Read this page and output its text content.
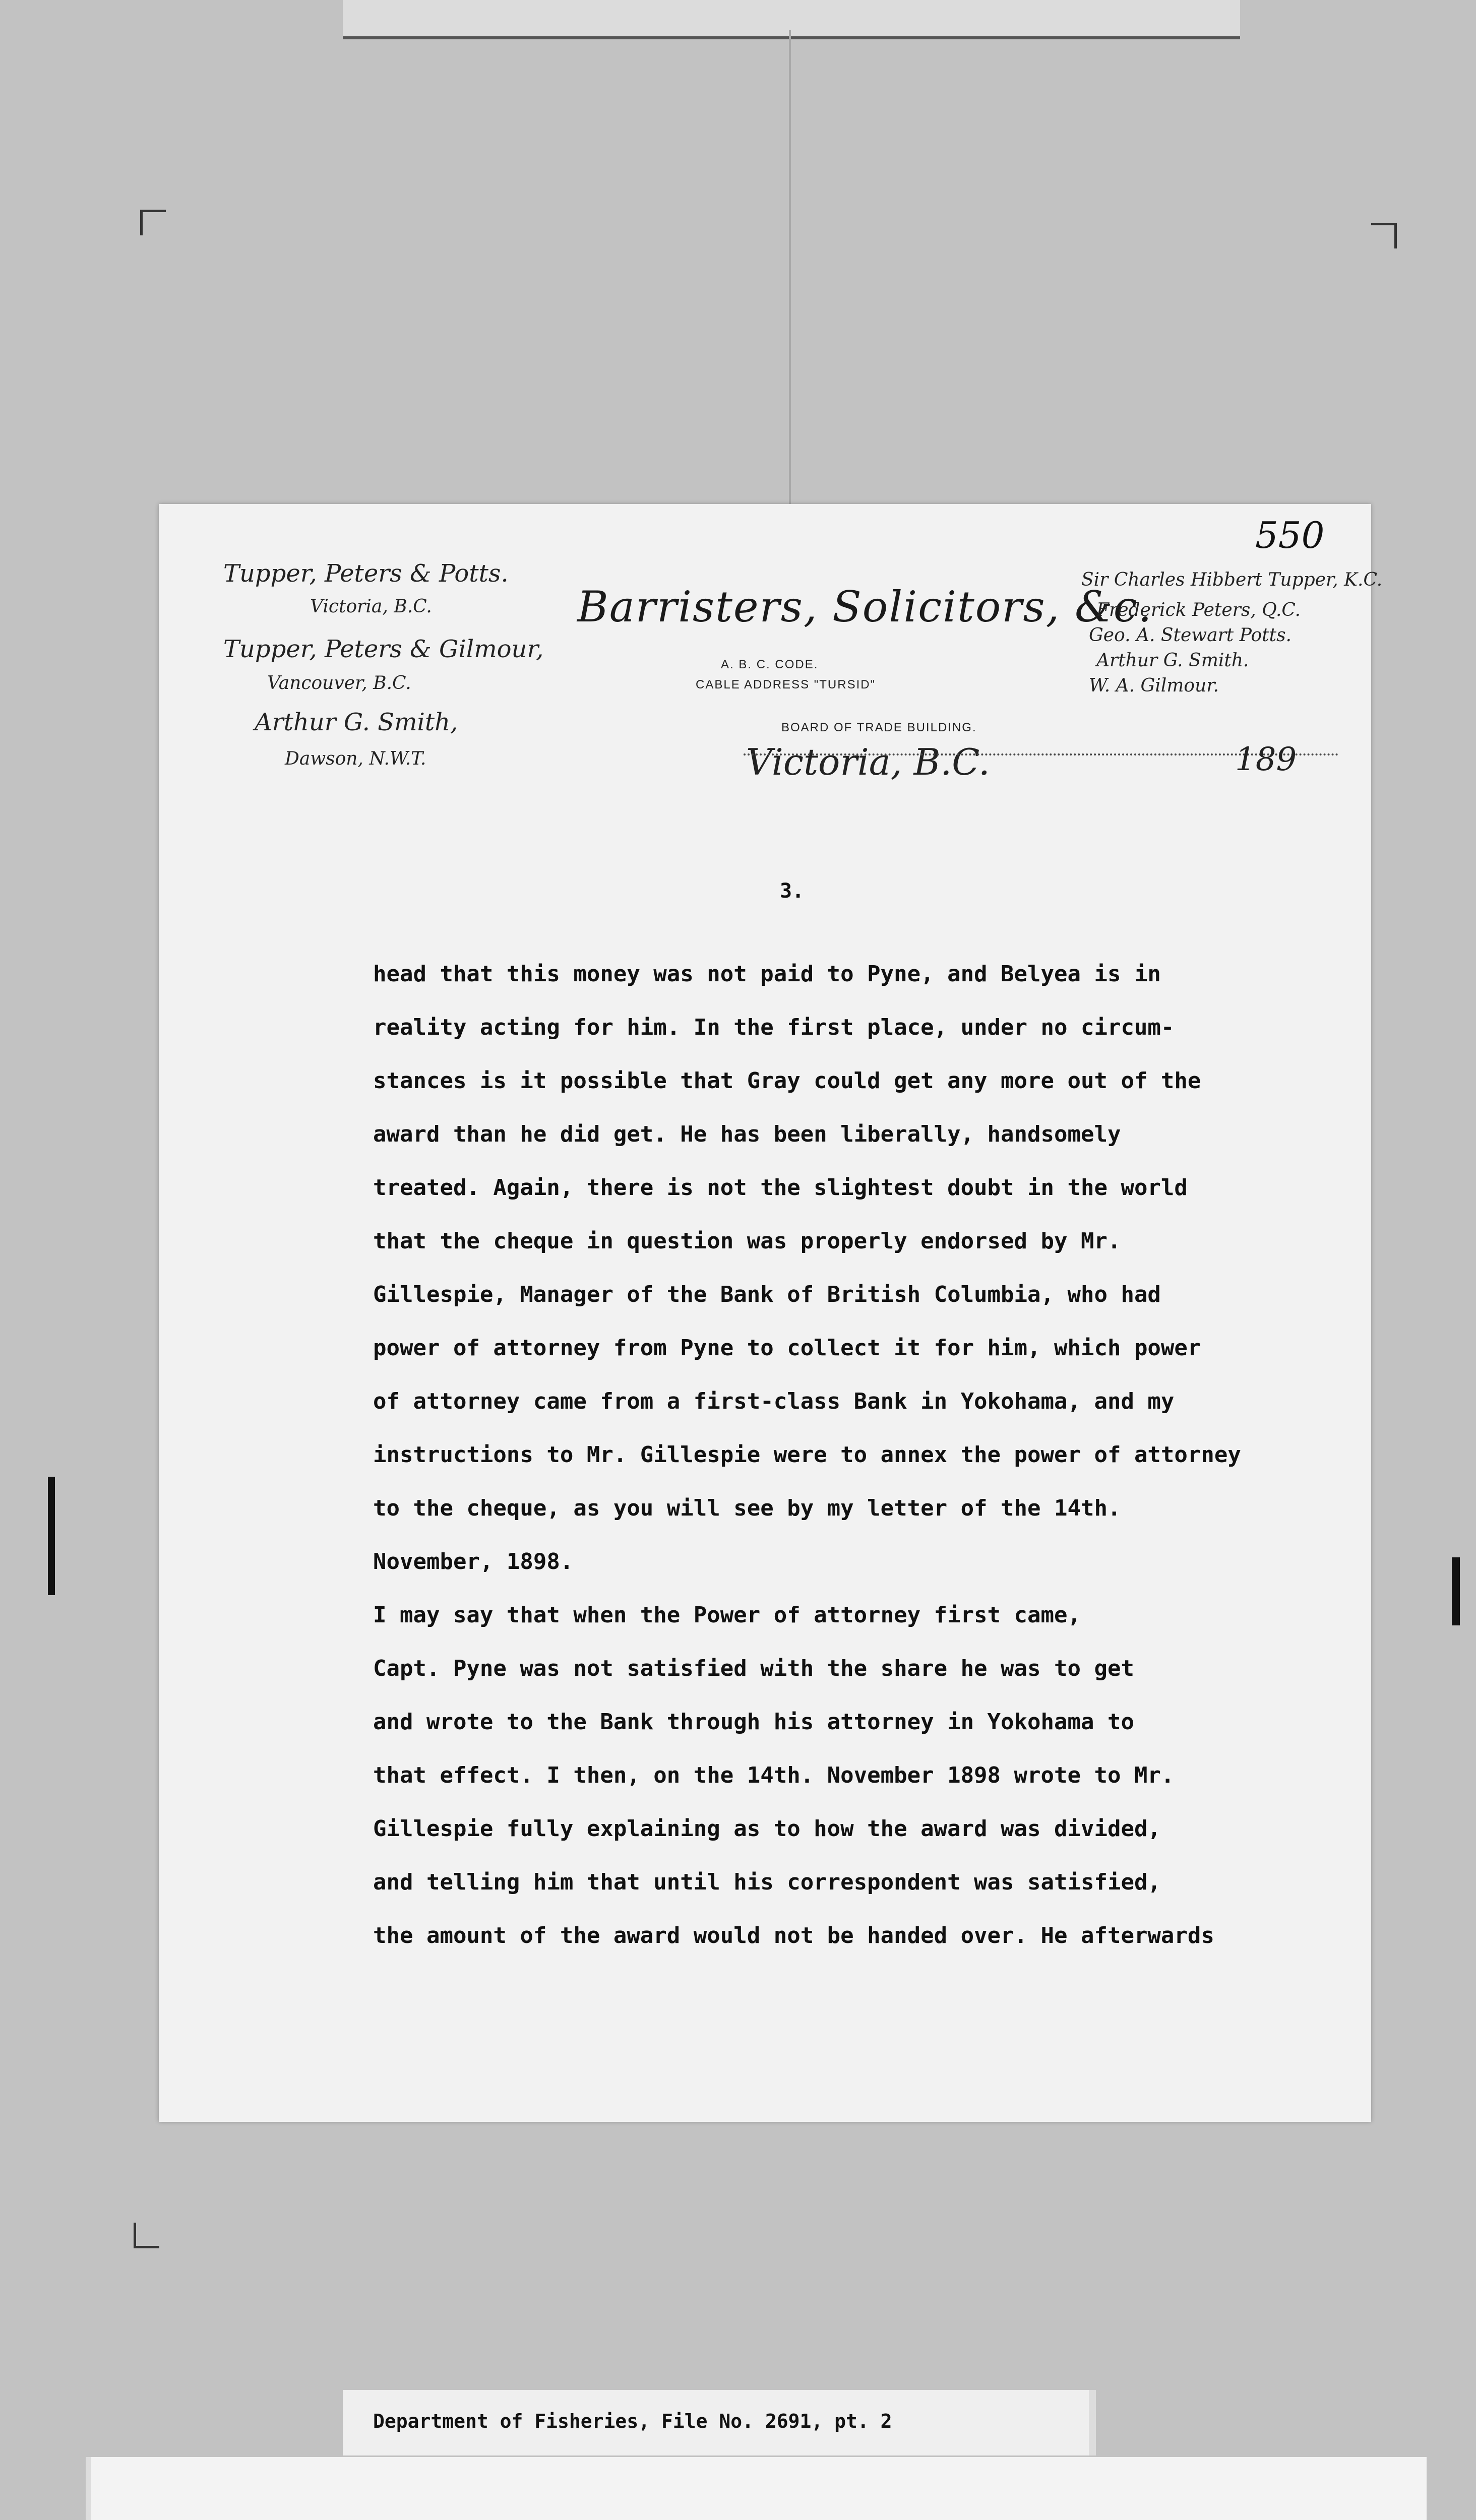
550
Tupper, Peters & Potts.
Victoria, B.C.
Tupper, Peters & Gilmour,
Vancouver, B.C.
Arthur G. Smith,
Dawson, N.W.T.
Barristers, Solicitors, &c.
A. B. C. CODE.
CABLE ADDRESS "TURSID"
BOARD OF TRADE BUILDING.
Victoria, B.C.	189
Sir Charles Hibbert Tupper, K.C.
Frederick Peters, Q.C.
Geo. A. Stewart Potts.
Arthur G. Smith.
W. A. Gilmour.
3.
head that this money was not paid to Pyne, and Belyea is in
reality acting for him. In the first place, under no circum-
stances is it possible that Gray could get any more out of the
award than he did get. He has been liberally, handsomely
treated. Again, there is not the slightest doubt in the world
that the cheque in question was properly endorsed by Mr.
Gillespie, Manager of the Bank of British Columbia, who had
power of attorney from Pyne to collect it for him, which power
of attorney came from a first-class Bank in Yokohama, and my
instructions to Mr. Gillespie were to annex the power of attorney
to the cheque, as you will see by my letter of the 14th.
November, 1898.
I may say that when the Power of attorney first came,
Capt. Pyne was not satisfied with the share he was to get
and wrote to the Bank through his attorney in Yokohama to
that effect. I then, on the 14th. November 1898 wrote to Mr.
Gillespie fully explaining as to how the award was divided,
and telling him that until his correspondent was satisfied,
the amount of the award would not be handed over. He afterwards
Department of Fisheries, File No. 2691, pt. 2
